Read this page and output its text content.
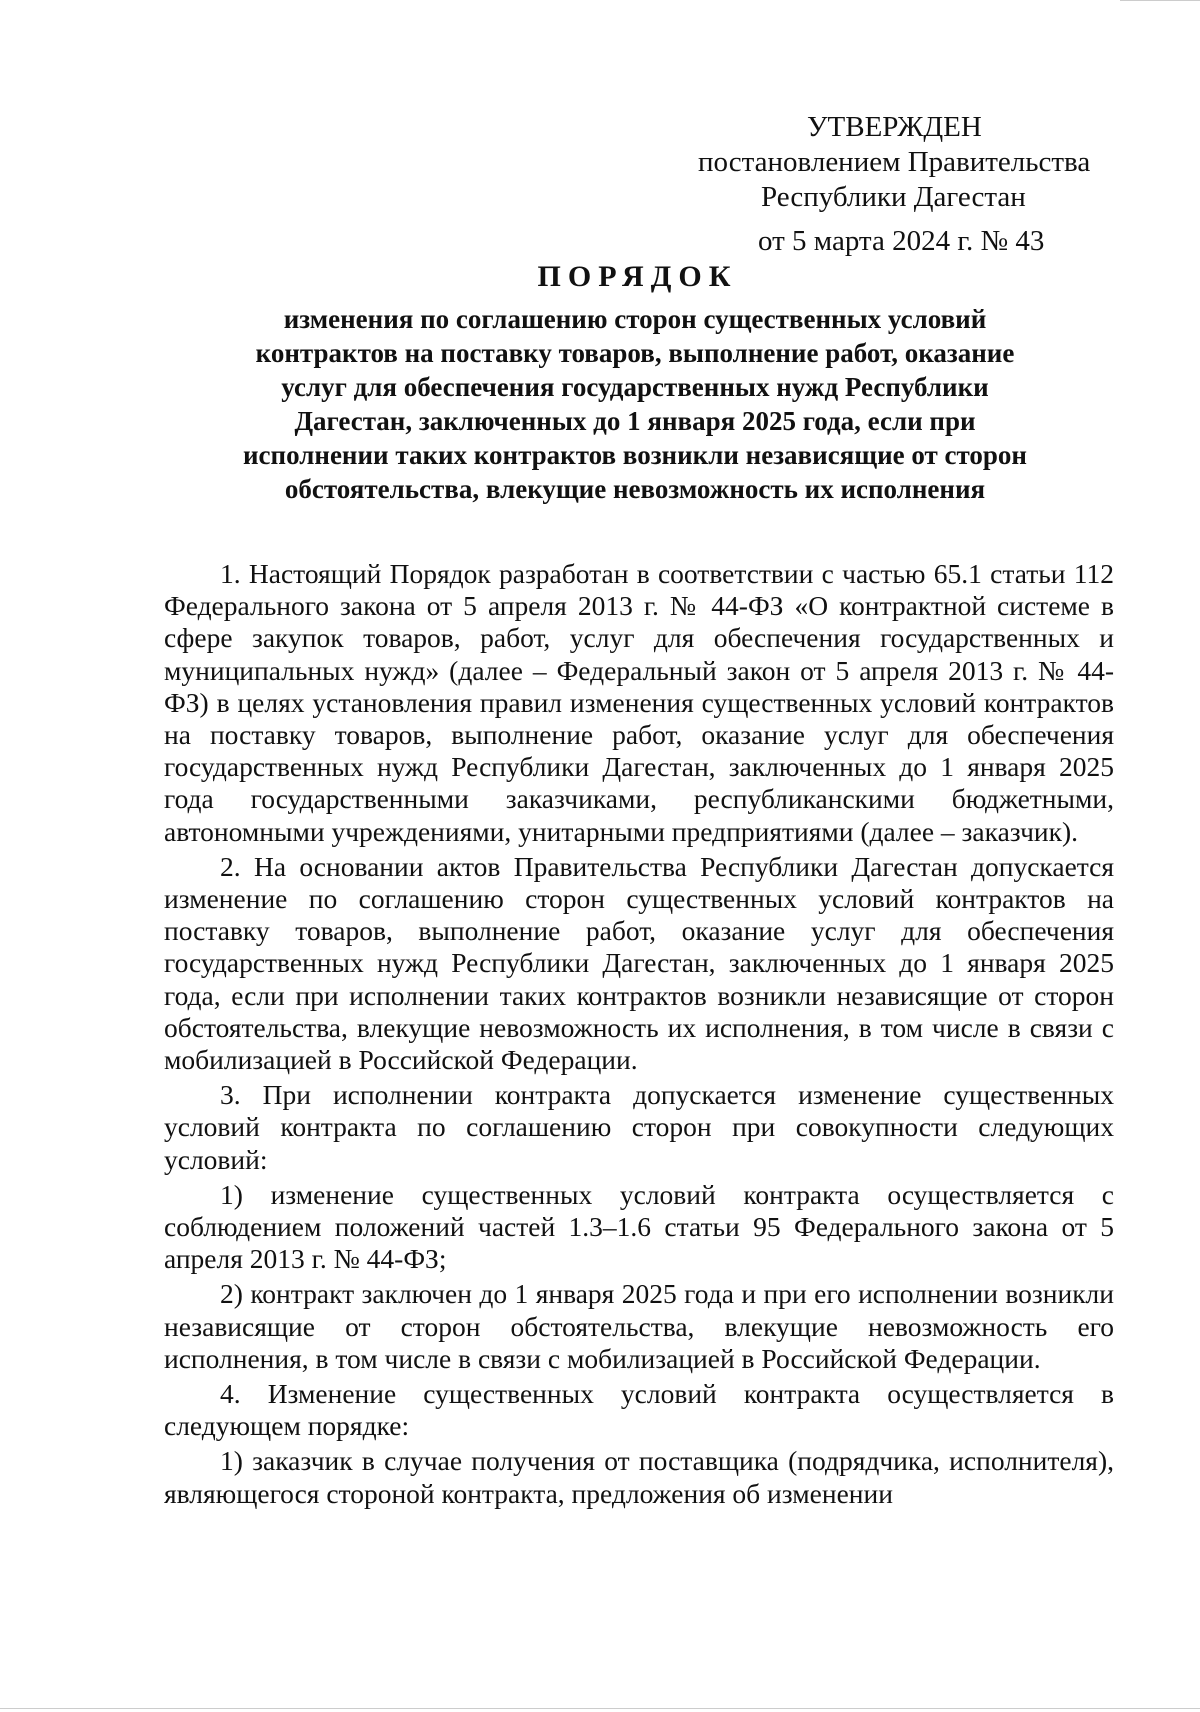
УТВЕРЖДЕН
постановлением Правительства
Республики Дагестан
от 5 марта 2024 г. № 43
ПОРЯДОК
изменения по соглашению сторон существенных условий контрактов на поставку товаров, выполнение работ, оказание услуг для обеспечения государственных нужд Республики Дагестан, заключенных до 1 января 2025 года, если при исполнении таких контрактов возникли независящие от сторон обстоятельства, влекущие невозможность их исполнения

1. Настоящий Порядок разработан в соответствии с частью 65.1 статьи 112 Федерального закона от 5 апреля 2013 г. № 44-ФЗ «О контрактной системе в сфере закупок товаров, работ, услуг для обеспечения государственных и муниципальных нужд» (далее – Федеральный закон от 5 апреля 2013 г. № 44-ФЗ) в целях установления правил изменения существенных условий контрактов на поставку товаров, выполнение работ, оказание услуг для обеспечения государственных нужд Республики Дагестан, заключенных до 1 января 2025 года государственными заказчиками, республиканскими бюджетными, автономными учреждениями, унитарными предприятиями (далее – заказчик).

2. На основании актов Правительства Республики Дагестан допускается изменение по соглашению сторон существенных условий контрактов на поставку товаров, выполнение работ, оказание услуг для обеспечения государственных нужд Республики Дагестан, заключенных до 1 января 2025 года, если при исполнении таких контрактов возникли независящие от сторон обстоятельства, влекущие невозможность их исполнения, в том числе в связи с мобилизацией в Российской Федерации.

3. При исполнении контракта допускается изменение существенных условий контракта по соглашению сторон при совокупности следующих условий:

1) изменение существенных условий контракта осуществляется с соблюдением положений частей 1.3–1.6 статьи 95 Федерального закона от 5 апреля 2013 г. № 44-ФЗ;

2) контракт заключен до 1 января 2025 года и при его исполнении возникли независящие от сторон обстоятельства, влекущие невозможность его исполнения, в том числе в связи с мобилизацией в Российской Федерации.

4. Изменение существенных условий контракта осуществляется в следующем порядке:

1) заказчик в случае получения от поставщика (подрядчика, исполнителя), являющегося стороной контракта, предложения об изменении
